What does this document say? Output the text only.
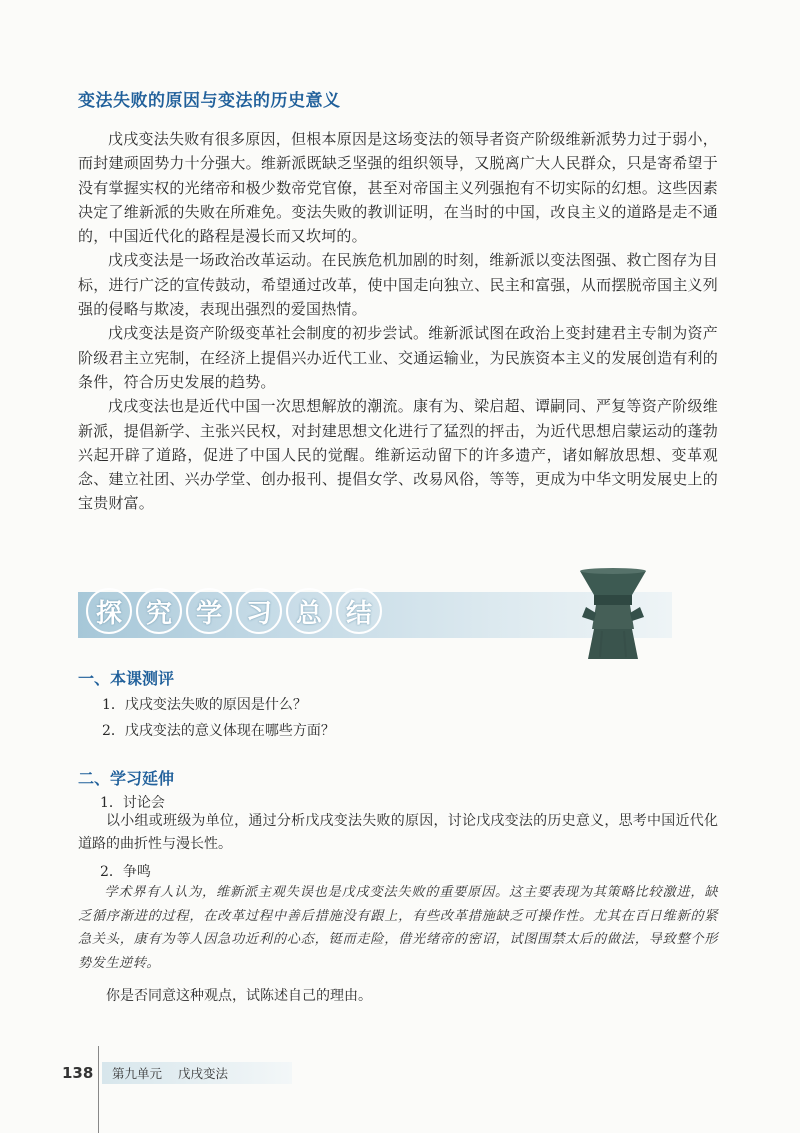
变法失败的原因与变法的历史意义

戊戌变法失败有很多原因，但根本原因是这场变法的领导者资产阶级维新派势力过于弱小，而封建顽固势力十分强大。维新派既缺乏坚强的组织领导，又脱离广大人民群众，只是寄希望于没有掌握实权的光绪帝和极少数帝党官僚，甚至对帝国主义列强抱有不切实际的幻想。这些因素决定了维新派的失败在所难免。变法失败的教训证明，在当时的中国，改良主义的道路是走不通的，中国近代化的路程是漫长而又坎坷的。

戊戌变法是一场政治改革运动。在民族危机加剧的时刻，维新派以变法图强、救亡图存为目标，进行广泛的宣传鼓动，希望通过改革，使中国走向独立、民主和富强，从而摆脱帝国主义列强的侵略与欺凌，表现出强烈的爱国热情。

戊戌变法是资产阶级变革社会制度的初步尝试。维新派试图在政治上变封建君主专制为资产阶级君主立宪制，在经济上提倡兴办近代工业、交通运输业，为民族资本主义的发展创造有利的条件，符合历史发展的趋势。

戊戌变法也是近代中国一次思想解放的潮流。康有为、梁启超、谭嗣同、严复等资产阶级维新派，提倡新学、主张兴民权，对封建思想文化进行了猛烈的抨击，为近代思想启蒙运动的蓬勃兴起开辟了道路，促进了中国人民的觉醒。维新运动留下的许多遗产，诸如解放思想、变革观念、建立社团、兴办学堂、创办报刊、提倡女学、改易风俗，等等，更成为中华文明发展史上的宝贵财富。

探 究 学 习 总 结
一、本课测评
1．戊戌变法失败的原因是什么？
2．戊戌变法的意义体现在哪些方面？
二、学习延伸
1．讨论会
以小组或班级为单位，通过分析戊戌变法失败的原因，讨论戊戌变法的历史意义，思考中国近代化道路的曲折性与漫长性。
2．争鸣
学术界有人认为，维新派主观失误也是戊戌变法失败的重要原因。这主要表现为其策略比较激进，缺乏循序渐进的过程，在改革过程中善后措施没有跟上，有些改革措施缺乏可操作性。尤其在百日维新的紧急关头，康有为等人因急功近利的心态，铤而走险，借光绪帝的密诏，试图围禁太后的做法，导致整个形势发生逆转。
你是否同意这种观点，试陈述自己的理由。
138 第九单元 戊戌变法
